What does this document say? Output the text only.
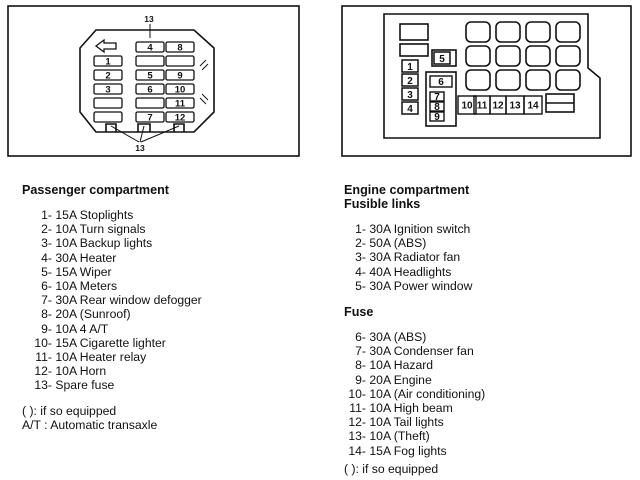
13
13
4	8
1
2	5	9
3	6 10
11
7 12
1
2
3
4
5
6
7
8
9
10 11 12 13 14
Passenger compartment
1- 15A Stoplights
2- 10A Turn signals
3- 10A Backup lights
4- 30A Heater
5- 15A Wiper
6- 10A Meters
7- 30A Rear window defogger
8- 20A (Sunroof)
9- 10A 4 A/T
10- 15A Cigarette lighter
11- 10A Heater relay
12- 10A Horn
13- Spare fuse
( ): if so equipped
A/T : Automatic transaxle
Engine compartment
Fusible links
1- 30A Ignition switch
2- 50A (ABS)
3- 30A Radiator fan
4- 40A Headlights
5- 30A Power window
Fuse
6- 30A (ABS)
7- 30A Condenser fan
8- 10A Hazard
9- 20A Engine
10- 10A (Air conditioning)
11- 10A High beam
12- 10A Tail lights
13- 10A (Theft)
14- 15A Fog lights
( ): if so equipped
